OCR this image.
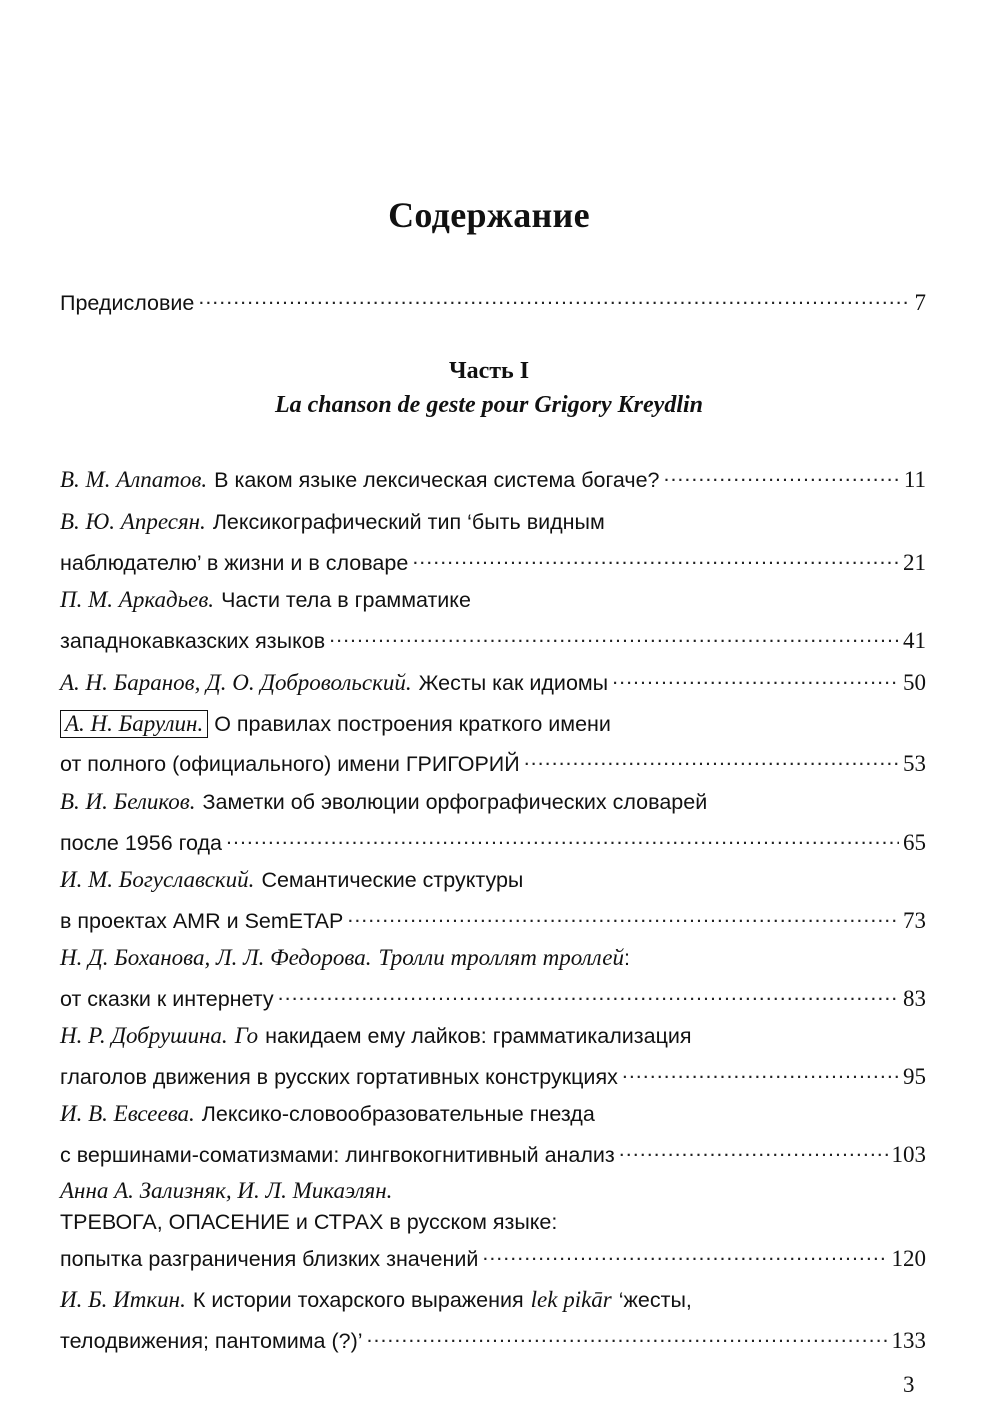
Содержание
Предисловие .....	7
Часть I
La chanson de geste pour Grigory Kreydlin
В. М. Алпатов. В каком языке лексическая система богаче? .....	11
В. Ю. Апресян. Лексикографический тип ‘быть видным
наблюдателю’ в жизни и в словаре .....	21
П. М. Аркадьев. Части тела в грамматике
западнокавказских языков .....	41
А. Н. Баранов, Д. О. Добровольский. Жесты как идиомы .....	50
А. Н. Барулин. О правилах построения краткого имени
от полного (официального) имени ГРИГОРИЙ .....	53
В. И. Беликов. Заметки об эволюции орфографических словарей
после 1956 года .....	65
И. М. Богуславский. Семантические структуры
в проектах AMR и SemETAP .....	73
Н. Д. Боханова, Л. Л. Федорова. Тролли троллят троллей :
от сказки к интернету .....	83
Н. Р. Добрушина. Го накидаем ему лайков: грамматикализация
глаголов движения в русских гортативных конструкциях .....	95
И. В. Евсеева. Лексико-словообразовательные гнезда
с вершинами-соматизмами: лингвокогнитивный анализ .....	103
Анна А. Зализняк, И. Л. Микаэлян.
ТРЕВОГА, ОПАСЕНИЕ и СТРАХ в русском языке:
попытка разграничения близких значений .....	120
И. Б. Иткин. К истории тохарского выражения lek pikār ‘жесты,
телодвижения; пантомима (?)’ .....	133
3
